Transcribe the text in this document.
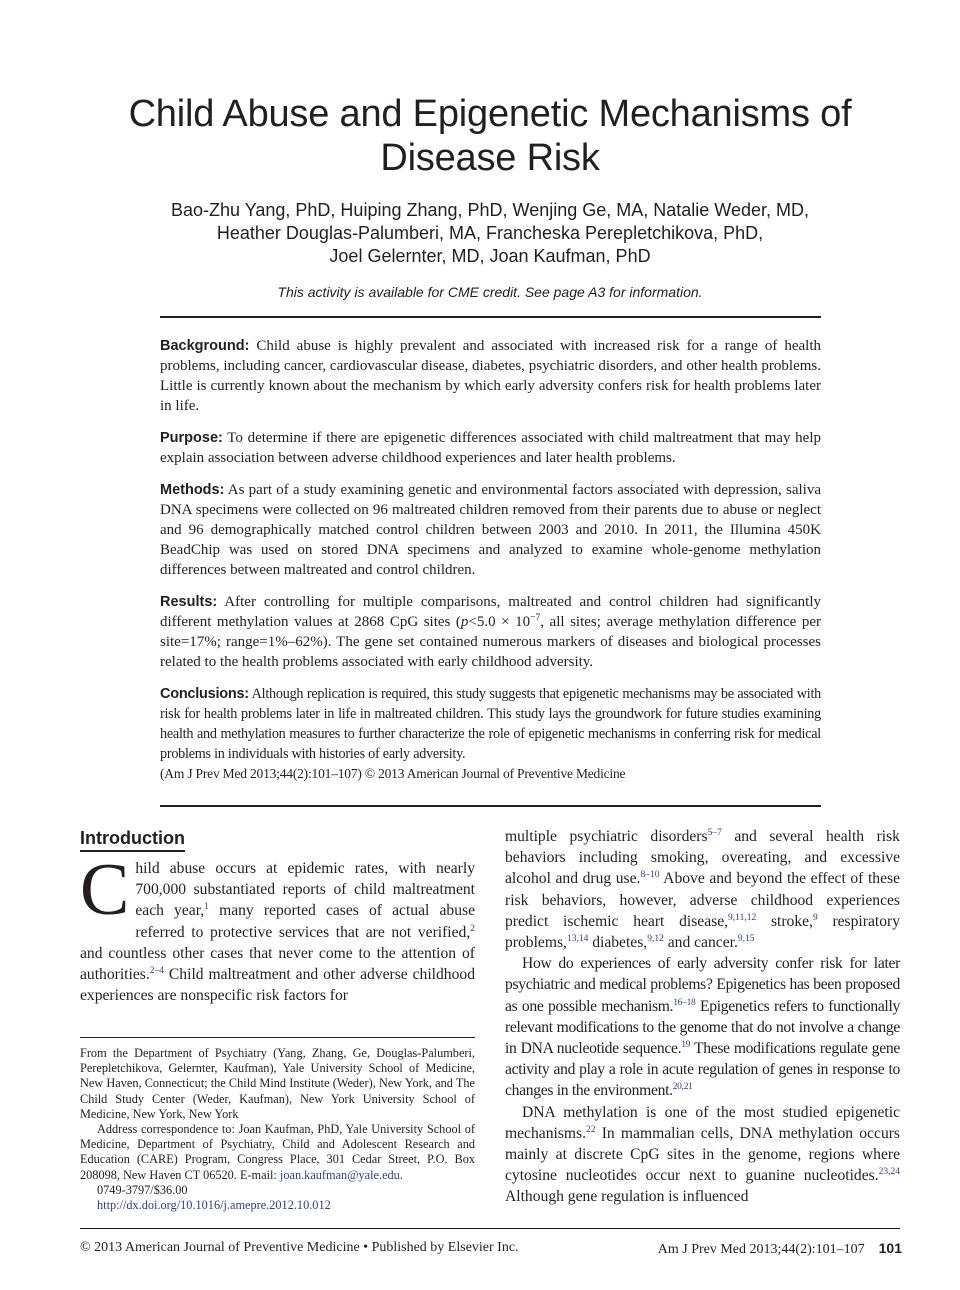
Child Abuse and Epigenetic Mechanisms of Disease Risk
Bao-Zhu Yang, PhD, Huiping Zhang, PhD, Wenjing Ge, MA, Natalie Weder, MD,
Heather Douglas-Palumberi, MA, Francheska Perepletchikova, PhD,
Joel Gelernter, MD, Joan Kaufman, PhD
This activity is available for CME credit. See page A3 for information.

Background: Child abuse is highly prevalent and associated with increased risk for a range of health problems, including cancer, cardiovascular disease, diabetes, psychiatric disorders, and other health problems. Little is currently known about the mechanism by which early adversity confers risk for health problems later in life.

Purpose: To determine if there are epigenetic differences associated with child maltreatment that may help explain association between adverse childhood experiences and later health problems.

Methods: As part of a study examining genetic and environmental factors associated with depression, saliva DNA specimens were collected on 96 maltreated children removed from their parents due to abuse or neglect and 96 demographically matched control children between 2003 and 2010. In 2011, the Illumina 450K BeadChip was used on stored DNA specimens and analyzed to examine whole-genome methylation differences between maltreated and control children.

Results: After controlling for multiple comparisons, maltreated and control children had significantly different methylation values at 2868 CpG sites ($p<5.0 \times 10^{-7}$, all sites; average methylation difference per site=17%; range=1%–62%). The gene set contained numerous markers of diseases and biological processes related to the health problems associated with early childhood adversity.

Conclusions: Although replication is required, this study suggests that epigenetic mechanisms may be associated with risk for health problems later in life in maltreated children. This study lays the groundwork for future studies examining health and methylation measures to further characterize the role of epigenetic mechanisms in conferring risk for medical problems in individuals with histories of early adversity.

(Am J Prev Med 2013;44(2):101–107) © 2013 American Journal of Preventive Medicine

Introduction

Child abuse occurs at epidemic rates, with nearly 700,000 substantiated reports of child maltreatment each year,$^1$ many reported cases of actual abuse referred to protective services that are not verified,$^2$ and countless other cases that never come to the attention of authorities.$^{2-4}$ Child maltreatment and other adverse childhood experiences are nonspecific risk factors for

From the Department of Psychiatry (Yang, Zhang, Ge, Douglas-Palumberi, Perepletchikova, Gelernter, Kaufman), Yale University School of Medicine, New Haven, Connecticut; the Child Mind Institute (Weder), New York, and The Child Study Center (Weder, Kaufman), New York University School of Medicine, New York, New York

Address correspondence to: Joan Kaufman, PhD, Yale University School of Medicine, Department of Psychiatry, Child and Adolescent Research and Education (CARE) Program, Congress Place, 301 Cedar Street, P.O. Box 208098, New Haven CT 06520. E-mail: joan.kaufman@yale.edu.

0749-3797/$36.00

http://dx.doi.org/10.1016/j.amepre.2012.10.012

multiple psychiatric disorders$^{5-7}$ and several health risk behaviors including smoking, overeating, and excessive alcohol and drug use.$^{8-10}$ Above and beyond the effect of these risk behaviors, however, adverse childhood experiences predict ischemic heart disease,$^{9,11,12}$ stroke,$^9$ respiratory problems,$^{13,14}$ diabetes,$^{9,12}$ and cancer.$^{9,15}$

How do experiences of early adversity confer risk for later psychiatric and medical problems? Epigenetics has been proposed as one possible mechanism.$^{16-18}$ Epigenetics refers to functionally relevant modifications to the genome that do not involve a change in DNA nucleotide sequence.$^{19}$ These modifications regulate gene activity and play a role in acute regulation of genes in response to changes in the environment.$^{20,21}$

DNA methylation is one of the most studied epigenetic mechanisms.$^{22}$ In mammalian cells, DNA methylation occurs mainly at discrete CpG sites in the genome, regions where cytosine nucleotides occur next to guanine nucleotides.$^{23,24}$ Although gene regulation is influenced

© 2013 American Journal of Preventive Medicine • Published by Elsevier Inc.	Am J Prev Med 2013;44(2):101–107 101
